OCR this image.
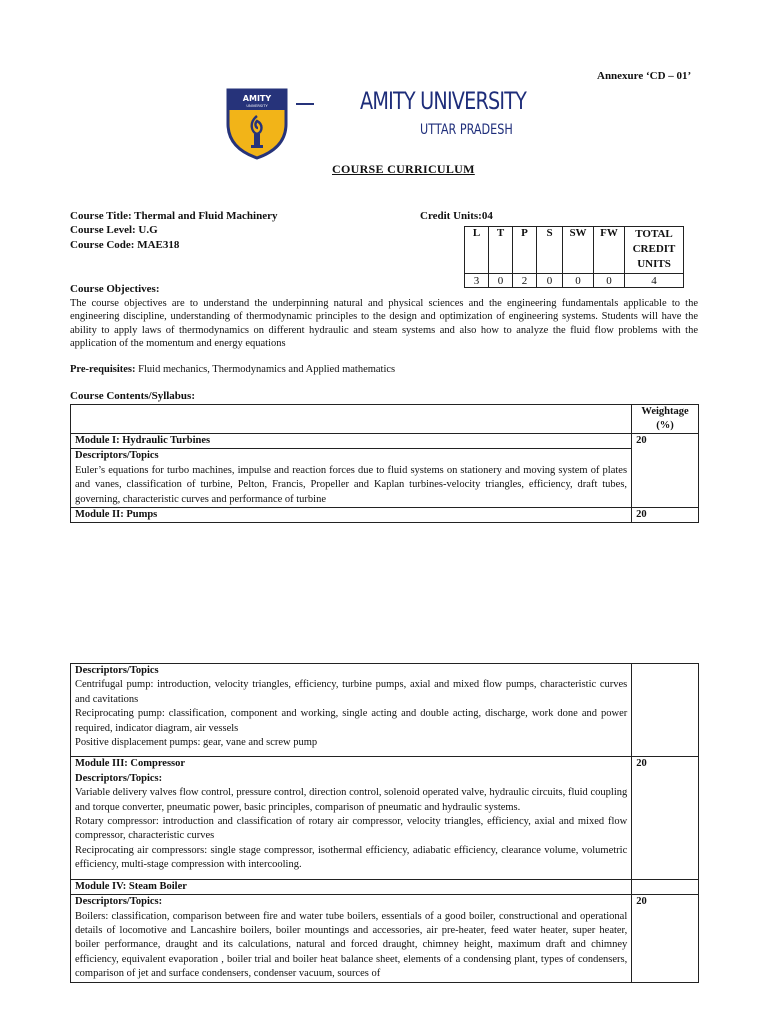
Annexure ‘CD – 01’
AMITY
UNIVERSITY	AMITY UNIVERSITY
UTTAR PRADESH
COURSE CURRICULUM
Course Title: Thermal and Fluid Machinery
Course Level: U.G
Course Code: MAE318
Credit Units:04
L	T	P	S	SW	FW	TOTAL CREDIT UNITS
3	0	2	0	0	0	4
Course Objectives:
The course objectives are to understand the underpinning natural and physical sciences and the engineering fundamentals applicable to the engineering discipline, understanding of thermodynamic principles to the design and optimization of engineering systems. Students will have the ability to apply laws of thermodynamics on different hydraulic and steam systems and also how to analyze the fluid flow problems with the application of the momentum and energy equations
Pre-requisites: Fluid mechanics, Thermodynamics and Applied mathematics
Course Contents/Syllabus:
	Weightage (%)
Module I: Hydraulic Turbines	20

Descriptors/Topics

Euler’s equations for turbo machines, impulse and reaction forces due to fluid systems on stationery and moving system of plates and vanes, classification of turbine, Pelton, Francis, Propeller and Kaplan turbines-velocity triangles, efficiency, draft tubes, governing, characteristic curves and performance of turbine	

Module II: Pumps	20
Descriptors/Topics

Centrifugal pump: introduction, velocity triangles, efficiency, turbine pumps, axial and mixed flow pumps, characteristic curves and cavitations

Reciprocating pump: classification, component and working, single acting and double acting, discharge, work done and power required, indicator diagram, air vessels

Positive displacement pumps: gear, vane and screw pump	

Module III: Compressor
Descriptors/Topics:

Variable delivery valves flow control, pressure control, direction control, solenoid operated valve, hydraulic circuits, fluid coupling and torque converter, pneumatic power, basic principles, comparison of pneumatic and hydraulic systems.

Rotary compressor: introduction and classification of rotary air compressor, velocity triangles, efficiency, axial and mixed flow compressor, characteristic curves

Reciprocating air compressors: single stage compressor, isothermal efficiency, adiabatic efficiency, clearance volume, volumetric efficiency, multi-stage compression with intercooling.	20
Module IV: Steam Boiler	

Descriptors/Topics:

Boilers: classification, comparison between fire and water tube boilers, essentials of a good boiler, constructional and operational details of locomotive and Lancashire boilers, boiler mountings and accessories, air pre-heater, feed water heater, super heater, boiler performance, draught and its calculations, natural and forced draught, chimney height, maximum draft and chimney efficiency, equivalent evaporation , boiler trial and boiler heat balance sheet, elements of a condensing plant, types of condensers, comparison of jet and surface condensers, condenser vacuum, sources of	20
